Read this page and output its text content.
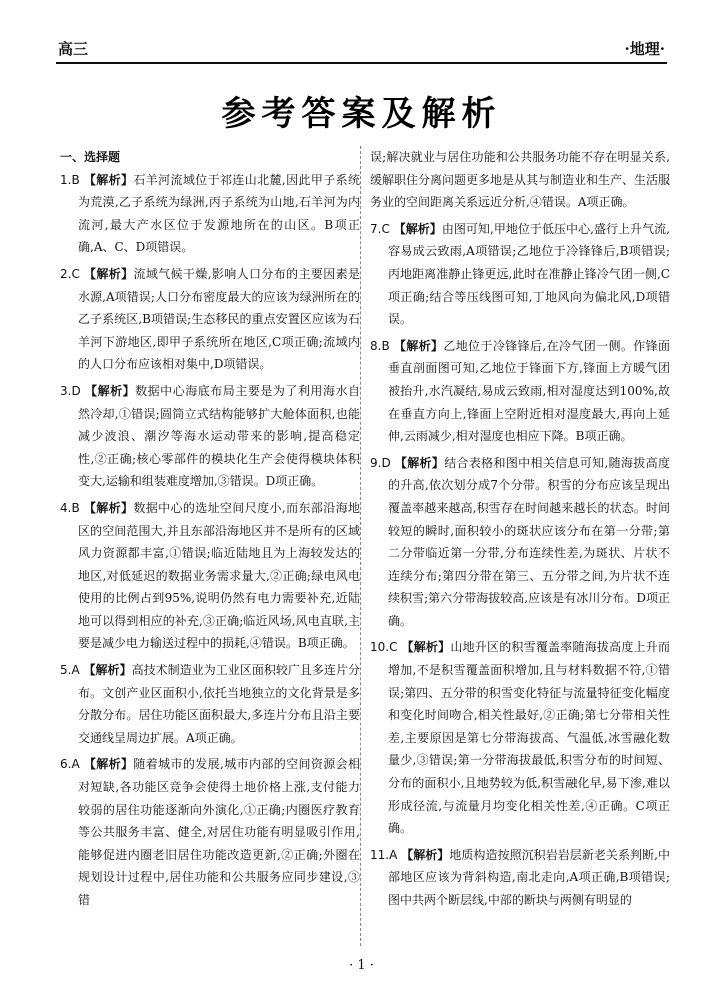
高三	·地理·
参考答案及解析

一、选择题

1.B 【解析】石羊河流域位于祁连山北麓,因此甲子系统为荒漠,乙子系统为绿洲,丙子系统为山地,石羊河为内流河,最大产水区位于发源地所在的山区。B项正确,A、C、D项错误。

2.C 【解析】流域气候干燥,影响人口分布的主要因素是水源,A项错误;人口分布密度最大的应该为绿洲所在的乙子系统区,B项错误;生态移民的重点安置区应该为石羊河下游地区,即甲子系统所在地区,C项正确;流域内的人口分布应该相对集中,D项错误。

3.D 【解析】数据中心海底布局主要是为了利用海水自然冷却,①错误;圆筒立式结构能够扩大舱体面积,也能减少波浪、潮汐等海水运动带来的影响,提高稳定性,②正确;核心零部件的模块化生产会使得模块体积变大,运输和组装难度增加,③错误。D项正确。

4.B 【解析】数据中心的选址空间尺度小,而东部沿海地区的空间范围大,并且东部沿海地区并不是所有的区域风力资源都丰富,①错误;临近陆地且为上海较发达的地区,对低延迟的数据业务需求量大,②正确;绿电风电使用的比例占到95%,说明仍然有电力需要补充,近陆地可以得到相应的补充,③正确;临近风场,风电直联,主要是减少电力输送过程中的损耗,④错误。B项正确。

5.A 【解析】高技术制造业为工业区面积较广且多连片分布。文创产业区面积小,依托当地独立的文化背景是多分散分布。居住功能区面积最大,多连片分布且沿主要交通线呈周边扩展。A项正确。

6.A 【解析】随着城市的发展,城市内部的空间资源会相对短缺,各功能区竞争会使得土地价格上涨,支付能力较弱的居住功能逐渐向外演化,①正确;内圈医疗教育等公共服务丰富、健全,对居住功能有明显吸引作用,能够促进内圈老旧居住功能改造更新,②正确;外圈在规划设计过程中,居住功能和公共服务应同步建设,③错

误;解决就业与居住功能和公共服务功能不存在明显关系,缓解职住分离问题更多地是从其与制造业和生产、生活服务业的空间距离关系远近分析,④错误。A项正确。

7.C 【解析】由图可知,甲地位于低压中心,盛行上升气流,容易成云致雨,A项错误;乙地位于冷锋锋后,B项错误;丙地距离准静止锋更远,此时在准静止锋冷气团一侧,C项正确;结合等压线图可知,丁地风向为偏北风,D项错误。

8.B 【解析】乙地位于冷锋锋后,在冷气团一侧。作锋面垂直剖面图可知,乙地位于锋面下方,锋面上方暖气团被抬升,水汽凝结,易成云致雨,相对湿度达到100%,故在垂直方向上,锋面上空附近相对湿度最大,再向上延伸,云雨减少,相对湿度也相应下降。B项正确。

9.D 【解析】结合表格和图中相关信息可知,随海拔高度的升高,依次划分成7个分带。积雪的分布应该呈现出覆盖率越来越高,积雪存在时间越来越长的状态。时间较短的瞬时,面积较小的斑状应该分布在第一分带;第二分带临近第一分带,分布连续性差,为斑状、片状不连续分布;第四分带在第三、五分带之间,为片状不连续积雪;第六分带海拔较高,应该是有冰川分布。D项正确。

10.C 【解析】山地升区的积雪覆盖率随海拔高度上升而增加,不是积雪覆盖面积增加,且与材料数据不符,①错误;第四、五分带的积雪变化特征与流量特征变化幅度和变化时间吻合,相关性最好,②正确;第七分带相关性差,主要原因是第七分带海拔高、气温低,冰雪融化数量少,③错误;第一分带海拔最低,积雪分布的时间短、分布的面积小,且地势较为低,积雪融化早,易下渗,难以形成径流,与流量月均变化相关性差,④正确。C项正确。

11.A 【解析】地质构造按照沉积岩岩层新老关系判断,中部地区应该为背斜构造,南北走向,A项正确,B项错误;图中共两个断层线,中部的断块与两侧有明显的

· 1 ·
